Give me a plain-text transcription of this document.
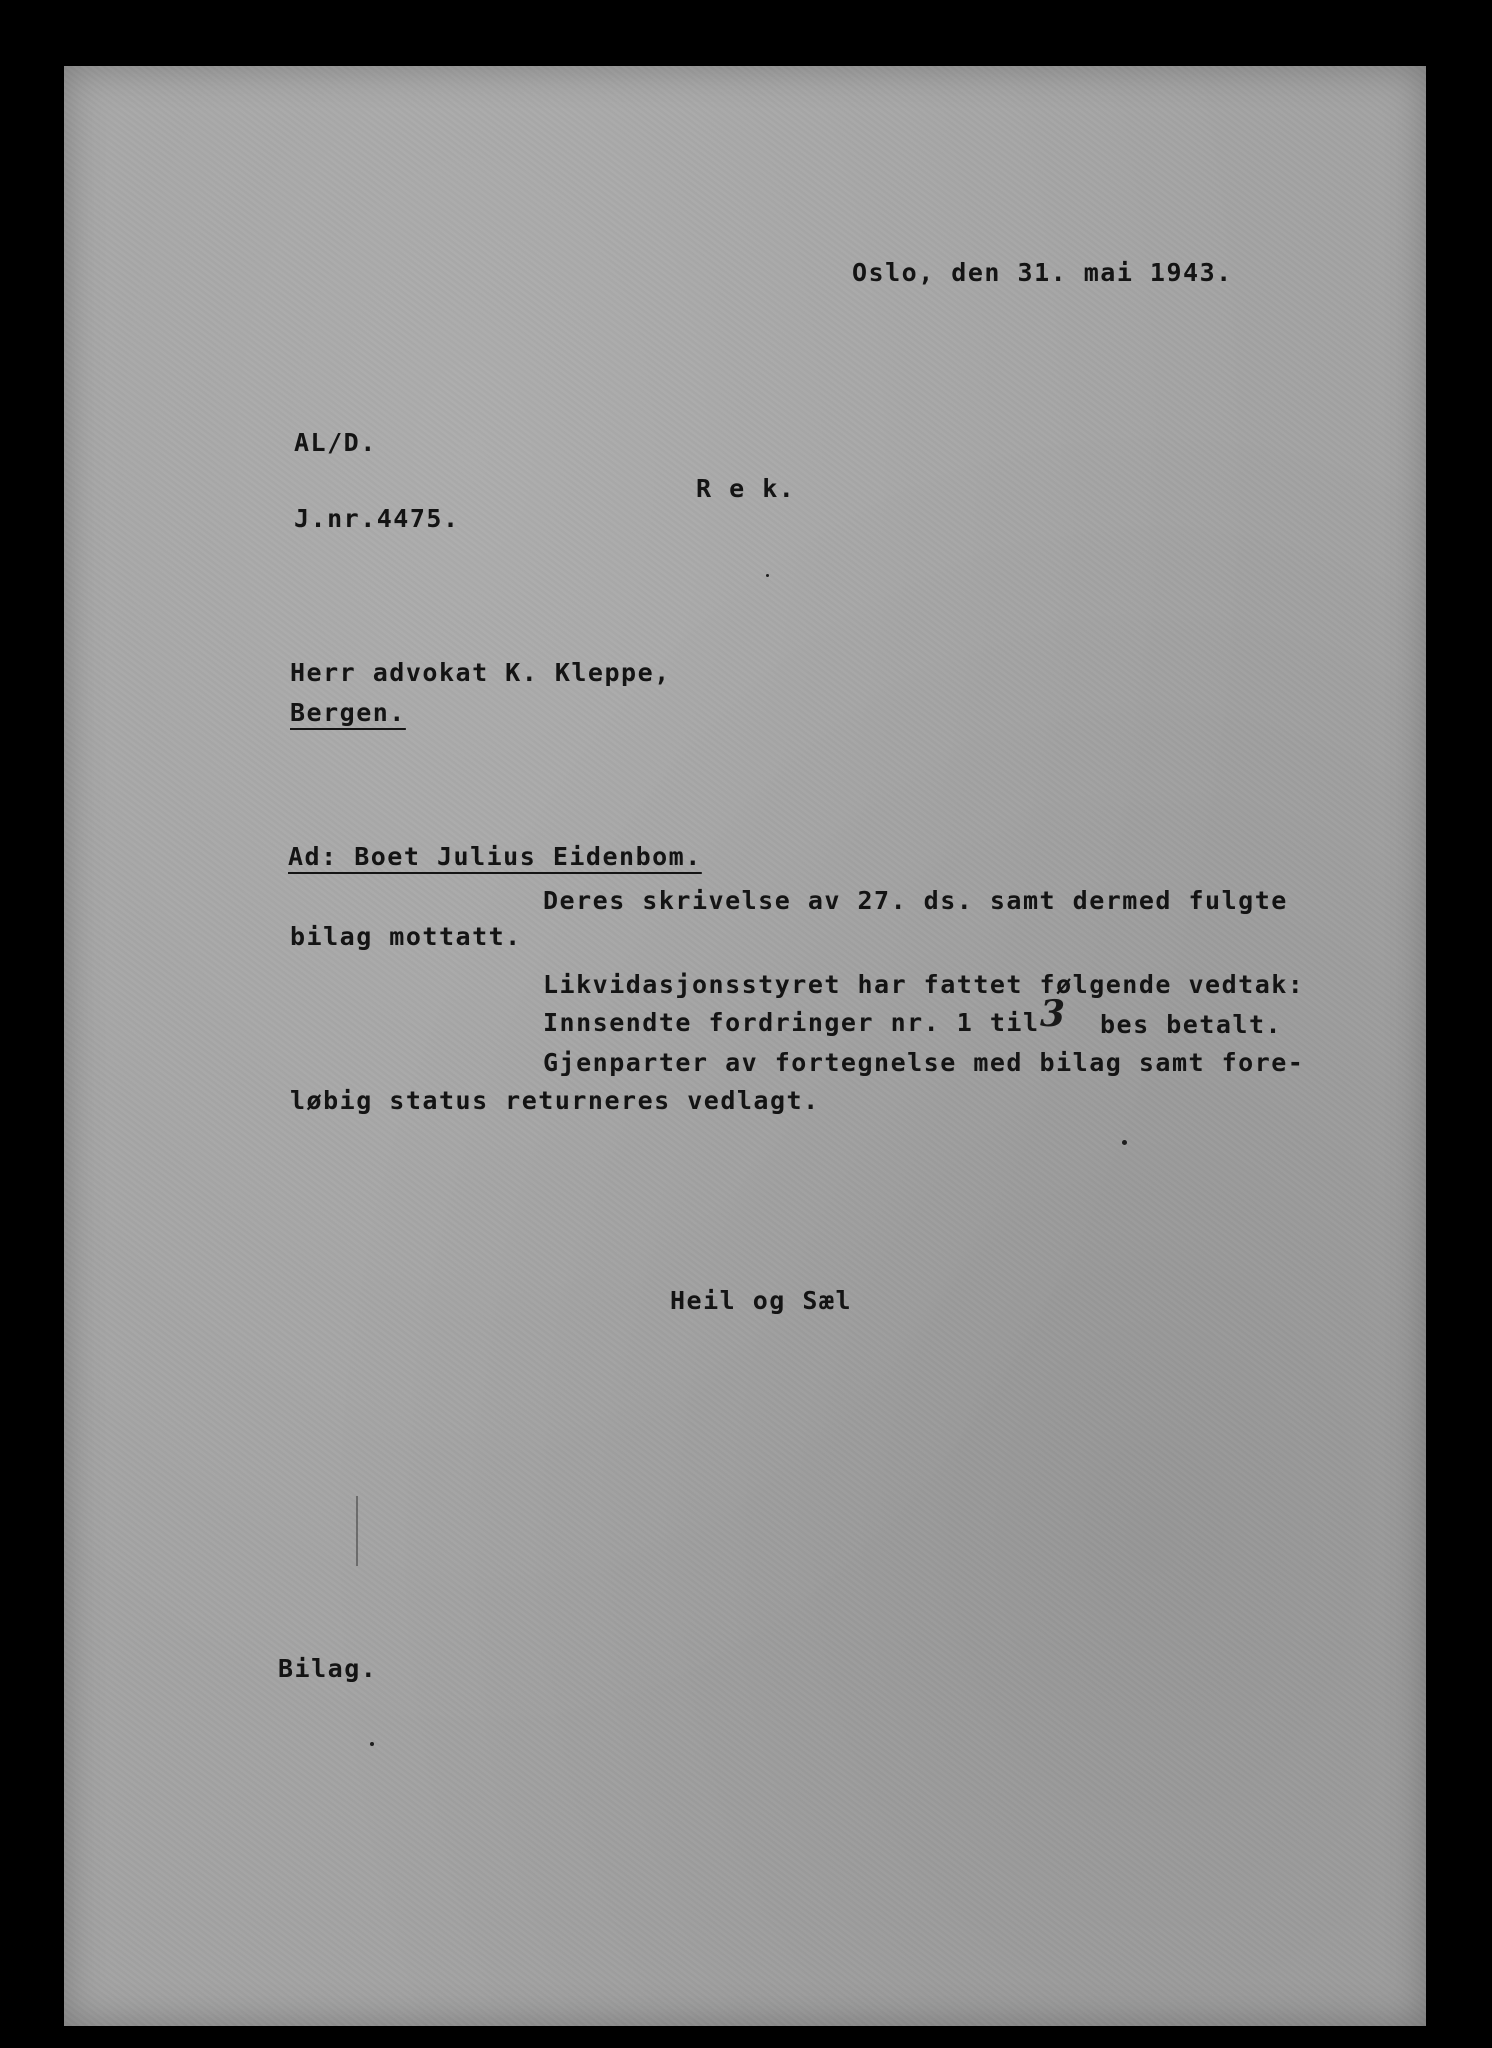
Oslo, den 31. mai 1943.
AL/D.
R e k.
J.nr.4475.
Herr advokat K. Kleppe,
Bergen.
Ad: Boet Julius Eidenbom.
Deres skrivelse av 27. ds. samt dermed fulgte
bilag mottatt.
Likvidasjonsstyret har fattet følgende vedtak:
Innsendte fordringer nr. 1 til 3 bes betalt.
Gjenparter av fortegnelse med bilag samt fore-
løbig status returneres vedlagt.
Heil og Sæl
Bilag.
